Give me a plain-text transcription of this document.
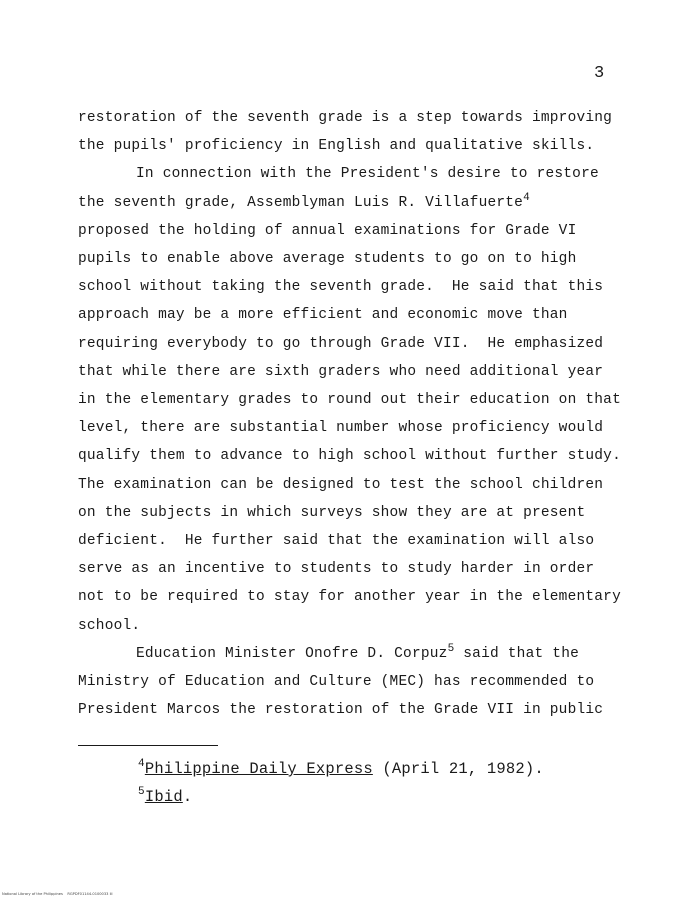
3
restoration of the seventh grade is a step towards improving
the pupils' proficiency in English and qualitative skills.
In connection with the President's desire to restore
the seventh grade, Assemblyman Luis R. Villafuerte$^4$
proposed the holding of annual examinations for Grade VI
pupils to enable above average students to go on to high
school without taking the seventh grade.  He said that this
approach may be a more efficient and economic move than
requiring everybody to go through Grade VII.  He emphasized
that while there are sixth graders who need additional year
in the elementary grades to round out their education on that
level, there are substantial number whose proficiency would
qualify them to advance to high school without further study.
The examination can be designed to test the school children
on the subjects in which surveys show they are at present
deficient.  He further said that the examination will also
serve as an incentive to students to study harder in order
not to be required to stay for another year in the elementary
school.
Education Minister Onofre D. Corpuz$^5$ said that the
Ministry of Education and Culture (MEC) has recommended to
President Marcos the restoration of the Grade VII in public
$^4$Philippine Daily Express (April 21, 1982).
$^5$Ibid.
National Library of the Philippines    RGPDF01144-0100033 lil
